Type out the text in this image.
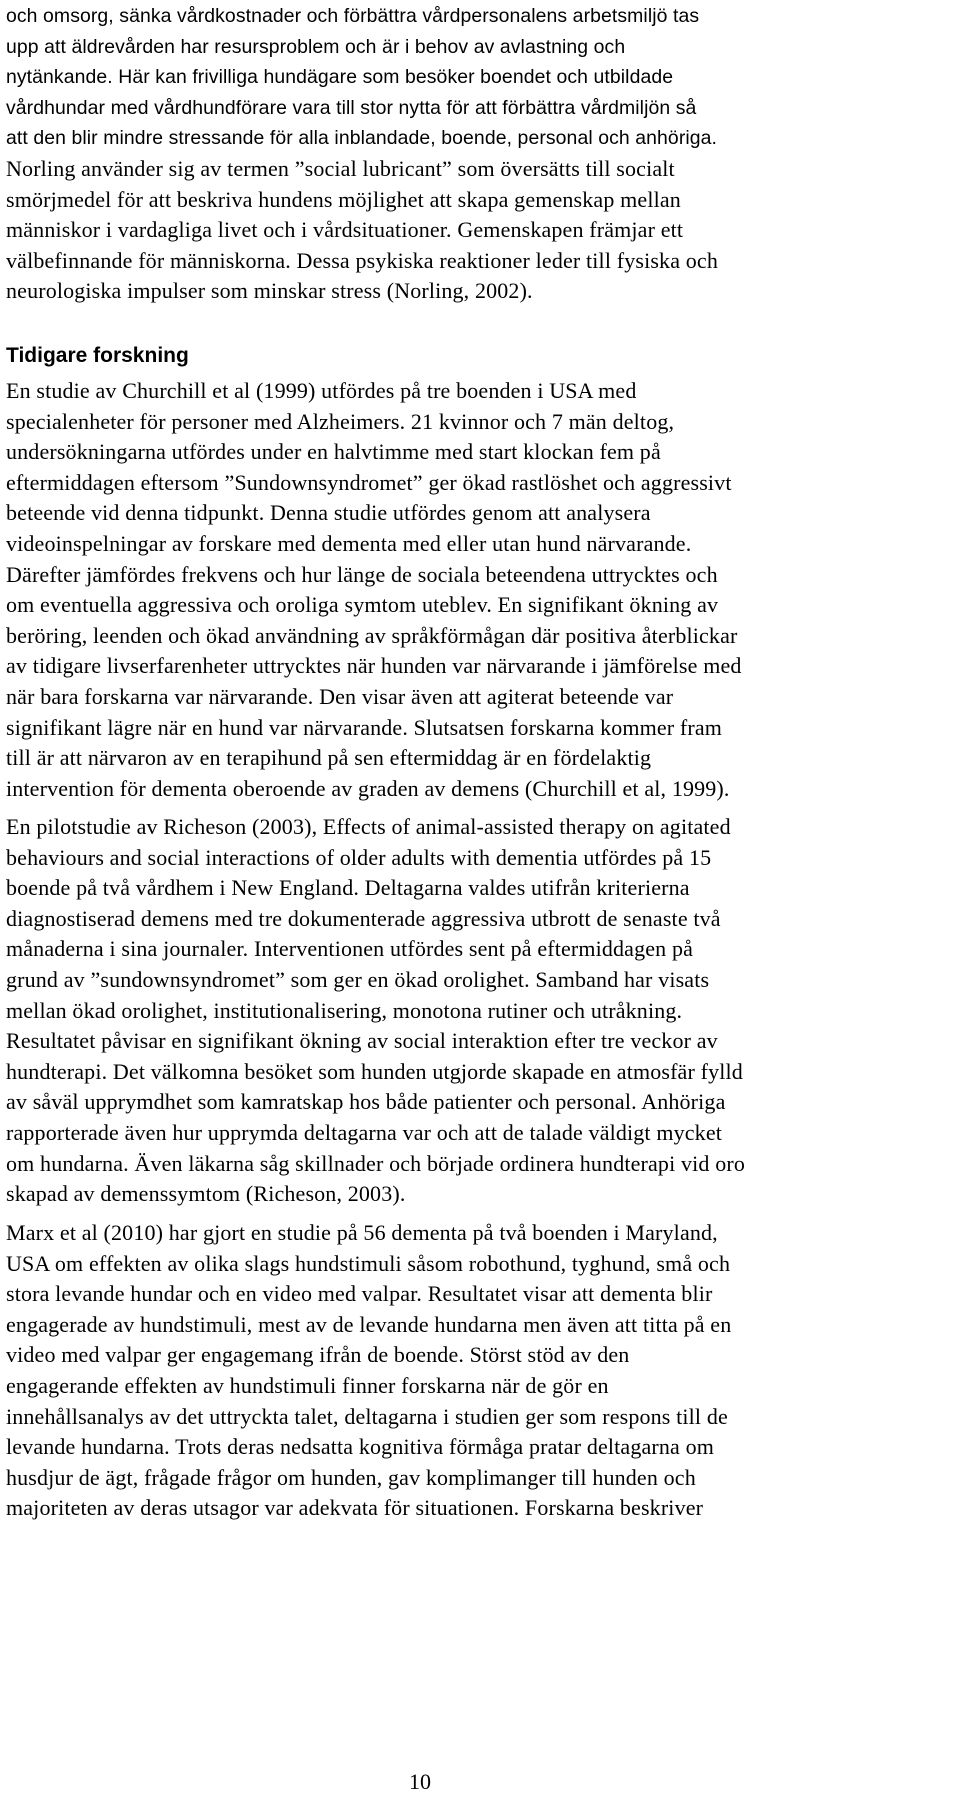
och omsorg, sänka vårdkostnader och förbättra vårdpersonalens arbetsmiljö tas
upp att äldrevården har resursproblem och är i behov av avlastning och
nytänkande. Här kan frivilliga hundägare som besöker boendet och utbildade
vårdhundar med vårdhundförare vara till stor nytta för att förbättra vårdmiljön så
att den blir mindre stressande för alla inblandade, boende, personal och anhöriga.
Norling använder sig av termen ”social lubricant” som översätts till socialt
smörjmedel för att beskriva hundens möjlighet att skapa gemenskap mellan
människor i vardagliga livet och i vårdsituationer. Gemenskapen främjar ett
välbefinnande för människorna. Dessa psykiska reaktioner leder till fysiska och
neurologiska impulser som minskar stress (Norling, 2002).
Tidigare forskning
En studie av Churchill et al (1999) utfördes på tre boenden i USA med
specialenheter för personer med Alzheimers. 21 kvinnor och 7 män deltog,
undersökningarna utfördes under en halvtimme med start klockan fem på
eftermiddagen eftersom ”Sundownsyndromet” ger ökad rastlöshet och aggressivt
beteende vid denna tidpunkt. Denna studie utfördes genom att analysera
videoinspelningar av forskare med dementa med eller utan hund närvarande.
Därefter jämfördes frekvens och hur länge de sociala beteendena uttrycktes och
om eventuella aggressiva och oroliga symtom uteblev. En signifikant ökning av
beröring, leenden och ökad användning av språkförmågan där positiva återblickar
av tidigare livserfarenheter uttrycktes när hunden var närvarande i jämförelse med
när bara forskarna var närvarande. Den visar även att agiterat beteende var
signifikant lägre när en hund var närvarande. Slutsatsen forskarna kommer fram
till är att närvaron av en terapihund på sen eftermiddag är en fördelaktig
intervention för dementa oberoende av graden av demens (Churchill et al, 1999).
En pilotstudie av Richeson (2003), Effects of animal-assisted therapy on agitated
behaviours and social interactions of older adults with dementia utfördes på 15
boende på två vårdhem i New England. Deltagarna valdes utifrån kriterierna
diagnostiserad demens med tre dokumenterade aggressiva utbrott de senaste två
månaderna i sina journaler. Interventionen utfördes sent på eftermiddagen på
grund av ”sundownsyndromet” som ger en ökad orolighet. Samband har visats
mellan ökad orolighet, institutionalisering, monotona rutiner och utråkning.
Resultatet påvisar en signifikant ökning av social interaktion efter tre veckor av
hundterapi. Det välkomna besöket som hunden utgjorde skapade en atmosfär fylld
av såväl upprymdhet som kamratskap hos både patienter och personal. Anhöriga
rapporterade även hur upprymda deltagarna var och att de talade väldigt mycket
om hundarna. Även läkarna såg skillnader och började ordinera hundterapi vid oro
skapad av demenssymtom (Richeson, 2003).
Marx et al (2010) har gjort en studie på 56 dementa på två boenden i Maryland,
USA om effekten av olika slags hundstimuli såsom robothund, tyghund, små och
stora levande hundar och en video med valpar. Resultatet visar att dementa blir
engagerade av hundstimuli, mest av de levande hundarna men även att titta på en
video med valpar ger engagemang ifrån de boende. Störst stöd av den
engagerande effekten av hundstimuli finner forskarna när de gör en
innehållsanalys av det uttryckta talet, deltagarna i studien ger som respons till de
levande hundarna. Trots deras nedsatta kognitiva förmåga pratar deltagarna om
husdjur de ägt, frågade frågor om hunden, gav komplimanger till hunden och
majoriteten av deras utsagor var adekvata för situationen. Forskarna beskriver
10
